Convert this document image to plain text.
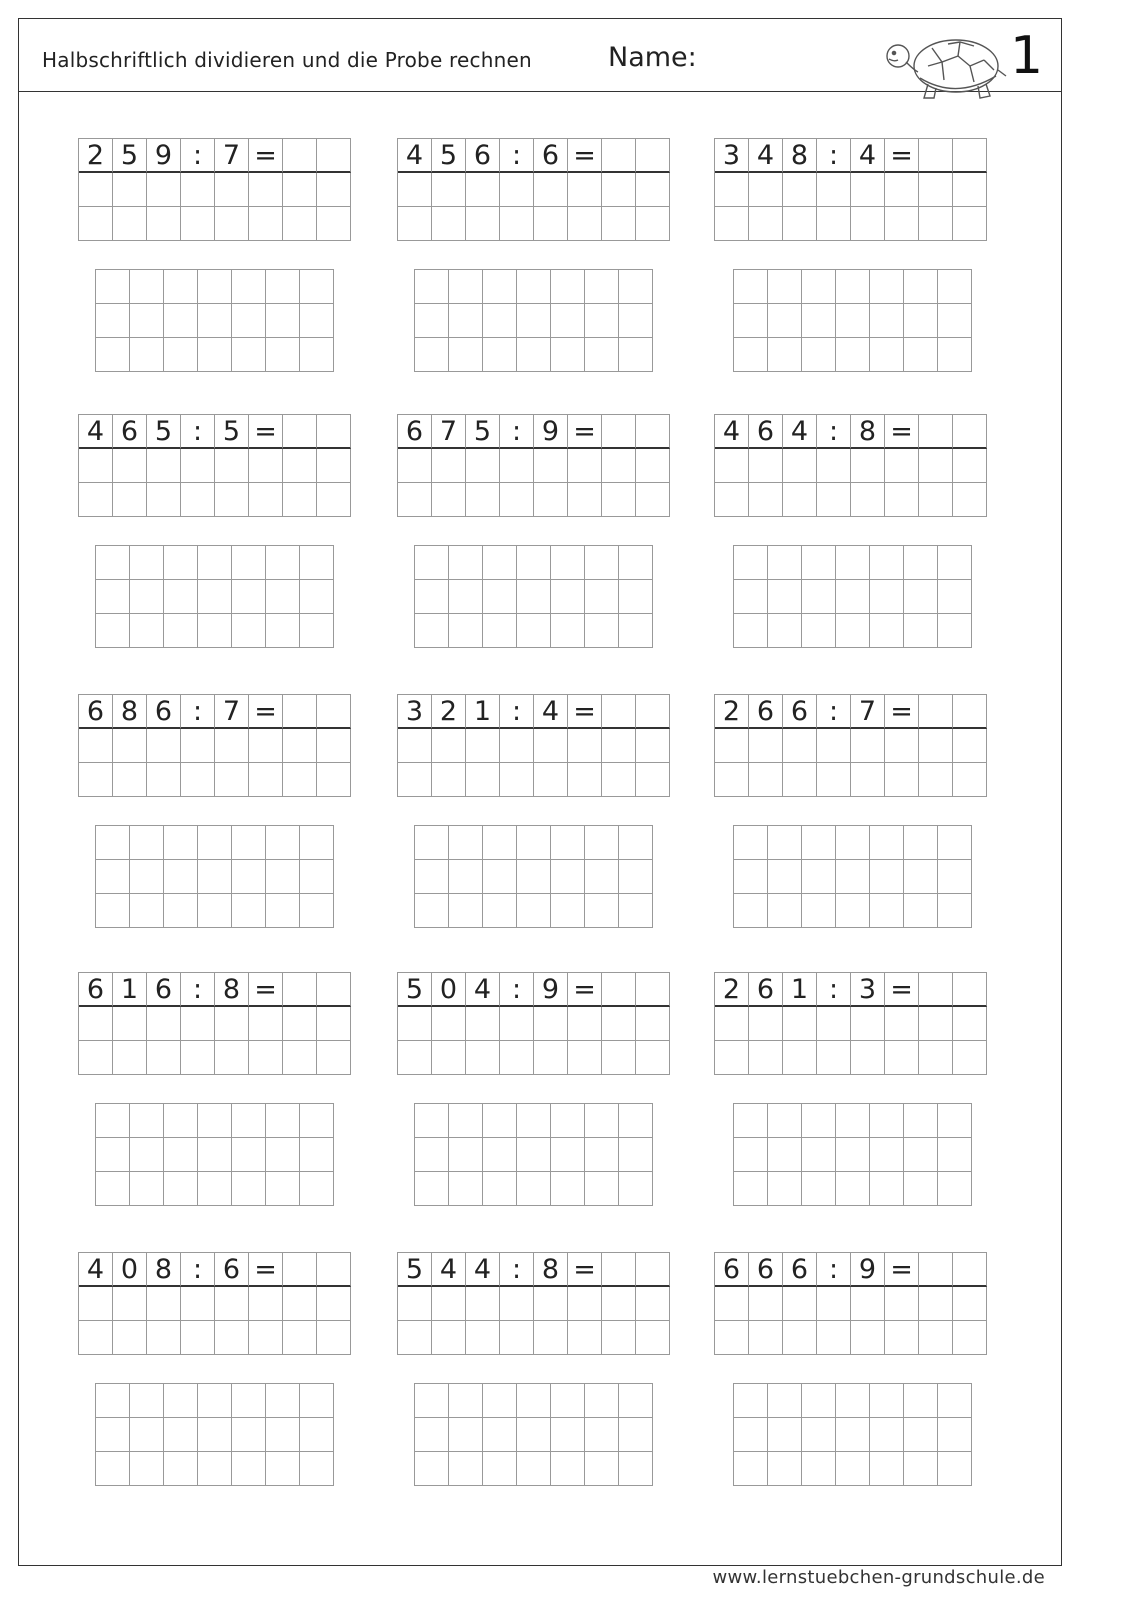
Halbschriftlich dividieren und die Probe rechnen	Name:	1
2 5 9 : 7 =	4 5 6 : 6 =	3 4 8 : 4 =
4 6 5 : 5 =	6 7 5 : 9 =	4 6 4 : 8 =
6 8 6 : 7 =	3 2 1 : 4 =	2 6 6 : 7 =
6 1 6 : 8 =	5 0 4 : 9 =	2 6 1 : 3 =
4 0 8 : 6 =	5 4 4 : 8 =	6 6 6 : 9 =
www.lernstuebchen-grundschule.de
